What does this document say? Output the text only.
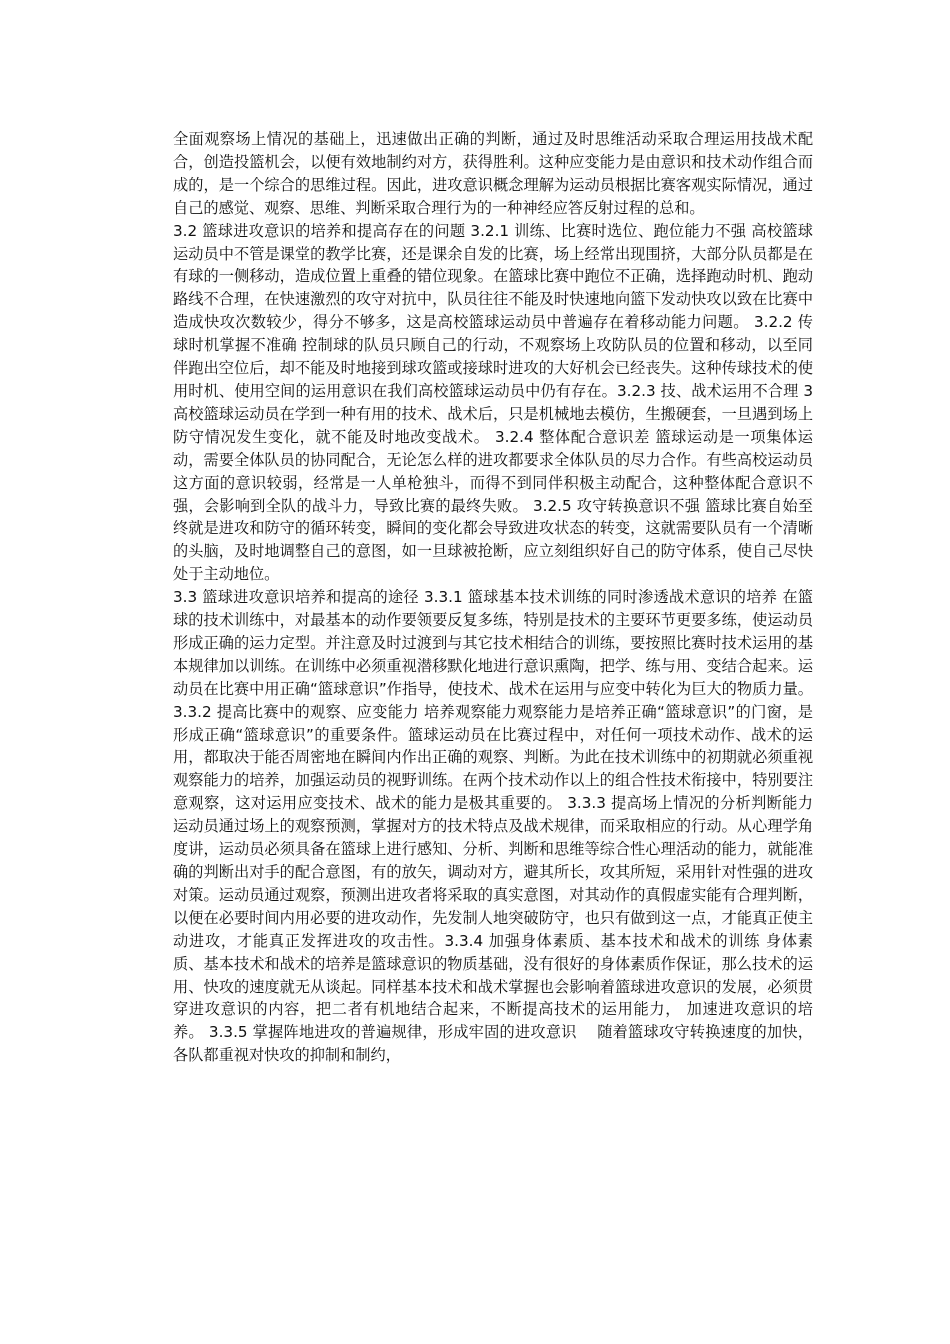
全面观察场上情况的基础上，迅速做出正确的判断，通过及时思维活动采取合理运用技战术配合，创造投篮机会，以便有效地制约对方，获得胜利。这种应变能力是由意识和技术动作组合而成的，是一个综合的思维过程。因此，进攻意识概念理解为运动员根据比赛客观实际情况，通过自己的感觉、观察、思维、判断采取合理行为的一种神经应答反射过程的总和。

3.2 篮球进攻意识的培养和提高存在的问题 3.2.1 训练、比赛时选位、跑位能力不强 高校篮球运动员中不管是课堂的教学比赛，还是课余自发的比赛，场上经常出现围挤，大部分队员都是在有球的一侧移动，造成位置上重叠的错位现象。在篮球比赛中跑位不正确，选择跑动时机、跑动路线不合理，在快速激烈的攻守对抗中，队员往往不能及时快速地向篮下发动快攻以致在比赛中造成快攻次数较少，得分不够多，这是高校篮球运动员中普遍存在着移动能力问题。 3.2.2 传球时机掌握不准确 控制球的队员只顾自己的行动，不观察场上攻防队员的位置和移动，以至同伴跑出空位后，却不能及时地接到球攻篮或接球时进攻的大好机会已经丧失。这种传球技术的使用时机、使用空间的运用意识在我们高校篮球运动员中仍有存在。3.2.3 技、战术运用不合理 3 高校篮球运动员在学到一种有用的技术、战术后，只是机械地去模仿，生搬硬套，一旦遇到场上防守情况发生变化，就不能及时地改变战术。 3.2.4 整体配合意识差 篮球运动是一项集体运动，需要全体队员的协同配合，无论怎么样的进攻都要求全体队员的尽力合作。有些高校运动员这方面的意识较弱，经常是一人单枪独斗，而得不到同伴积极主动配合，这种整体配合意识不强，会影响到全队的战斗力，导致比赛的最终失败。 3.2.5 攻守转换意识不强 篮球比赛自始至终就是进攻和防守的循环转变，瞬间的变化都会导致进攻状态的转变，这就需要队员有一个清晰的头脑，及时地调整自己的意图，如一旦球被抢断，应立刻组织好自己的防守体系，使自己尽快处于主动地位。

3.3 篮球进攻意识培养和提高的途径 3.3.1 篮球基本技术训练的同时渗透战术意识的培养 在篮球的技术训练中，对最基本的动作要领要反复多练，特别是技术的主要环节更要多练，使运动员形成正确的运力定型。并注意及时过渡到与其它技术相结合的训练，要按照比赛时技术运用的基本规律加以训练。在训练中必须重视潜移默化地进行意识熏陶，把学、练与用、变结合起来。运动员在比赛中用正确“篮球意识”作指导，使技术、战术在运用与应变中转化为巨大的物质力量。 3.3.2 提高比赛中的观察、应变能力 培养观察能力观察能力是培养正确“篮球意识”的门窗，是形成正确“篮球意识”的重要条件。篮球运动员在比赛过程中，对任何一项技术动作、战术的运用，都取决于能否周密地在瞬间内作出正确的观察、判断。为此在技术训练中的初期就必须重视观察能力的培养，加强运动员的视野训练。在两个技术动作以上的组合性技术衔接中，特别要注意观察，这对运用应变技术、战术的能力是极其重要的。 3.3.3 提高场上情况的分析判断能力 运动员通过场上的观察预测，掌握对方的技术特点及战术规律，而采取相应的行动。从心理学角度讲，运动员必须具备在篮球上进行感知、分析、判断和思维等综合性心理活动的能力，就能准确的判断出对手的配合意图，有的放矢，调动对方，避其所长，攻其所短，采用针对性强的进攻对策。运动员通过观察，预测出进攻者将采取的真实意图，对其动作的真假虚实能有合理判断，以便在必要时间内用必要的进攻动作，先发制人地突破防守，也只有做到这一点，才能真正使主动进攻，才能真正发挥进攻的攻击性。3.3.4 加强身体素质、基本技术和战术的训练 身体素质、基本技术和战术的培养是篮球意识的物质基础，没有很好的身体素质作保证，那么技术的运用、快攻的速度就无从谈起。同样基本技术和战术掌握也会影响着篮球进攻意识的发展，必须贯穿进攻意识的内容，把二者有机地结合起来，不断提高技术的运用能力， 加速进攻意识的培养。 3.3.5 掌握阵地进攻的普遍规律，形成牢固的进攻意识　 随着篮球攻守转换速度的加快，各队都重视对快攻的抑制和制约，
